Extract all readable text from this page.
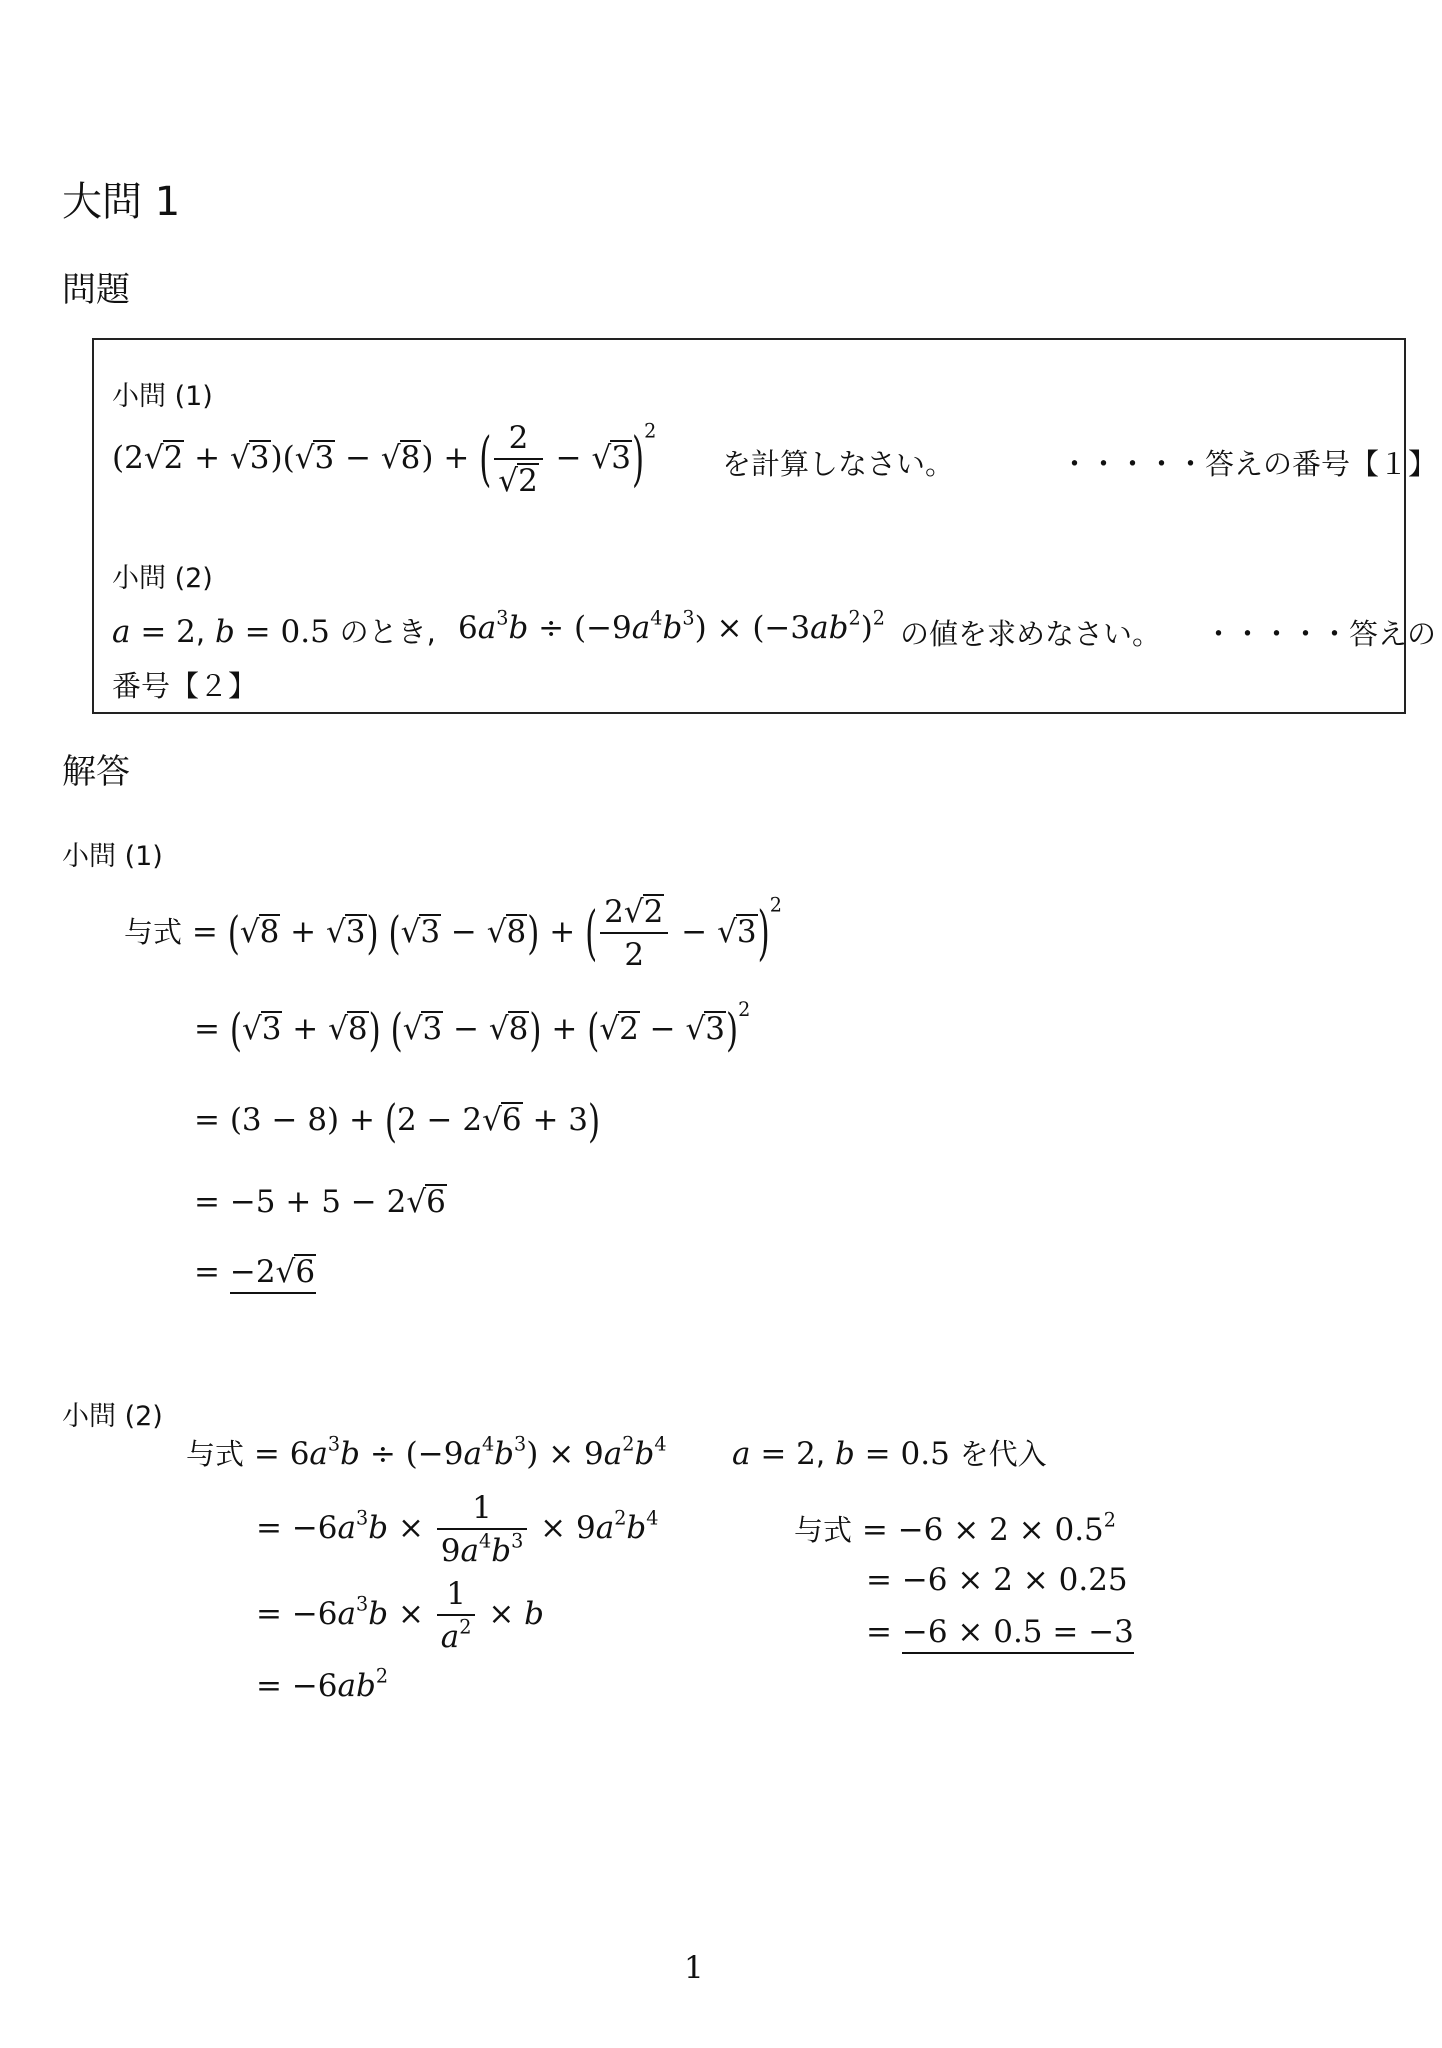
大問 1
問題
小問 (1)
(2√2 + √3)(√3 − √8) + ( $\frac{2}{√2} - √3)^2$
を計算しなさい。	・・・・・答えの番号【１】
小問 (2)
a = 2, b = 0.5 のとき, $6a^3b \div (-9a^4b^3) \times (-3ab^2)^2$ の値を求めなさい。 ・・・・・答えの
番号【２】
解答
小問 (1)
与式 = (√8 + √3) (√3 − √8) + ( $\frac{2√2}{2} - √3)^2$
= (√3 + √8) $(√3 - √8) + (√2 - √3)^2$
= (3 − 8) + (2 − 2√6 + 3)
= −5 + 5 − 2√6
= −2√6
小問 (2)
与式 = $6a^3b \div (-9a^4b^3) \times 9a^2b^4$
= $-6a^3b \times \frac{1}{9a^4b^3} \times 9a^2b^4$
= $-6a^3b \times \frac{1}{a^2} \times b$
= $-6ab^2$
a = 2, b = 0.5 を代入
与式 = $-6 \times 2 \times 0.5^2$
= −6 × 2 × 0.25
= −6 × 0.5 = −3
1
